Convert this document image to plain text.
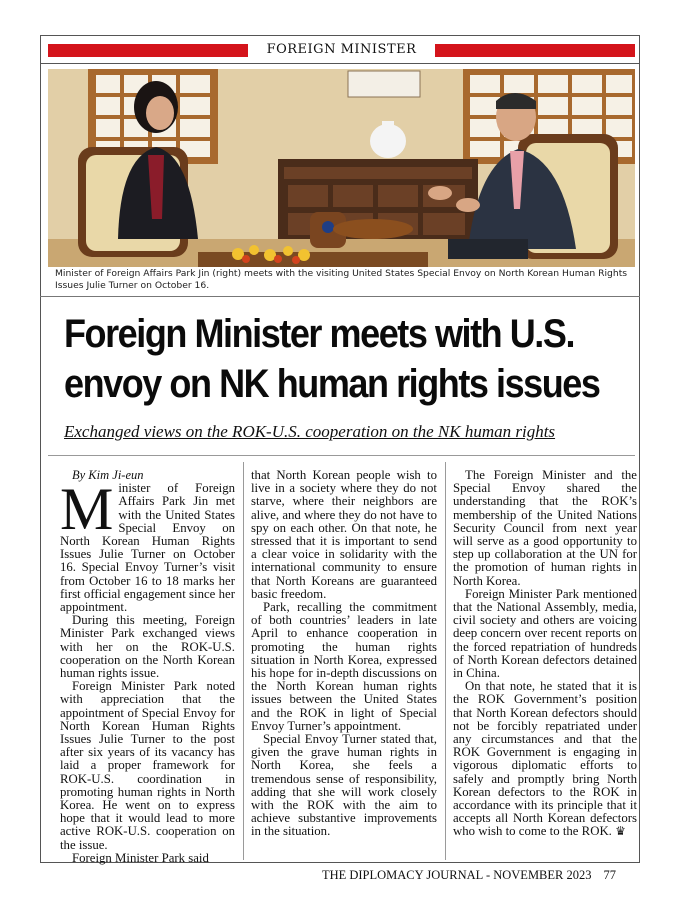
FOREIGN MINISTER
Minister of Foreign Affairs Park Jin (right) meets with the visiting United States Special Envoy on North Korean Human Rights Issues Julie Turner on October 16.
Foreign Minister meets with U.S.
envoy on NK human rights issues
Exchanged views on the ROK-U.S. cooperation on the NK human rights

By Kim Ji-eun

Minister of Foreign Affairs Park Jin met with the United States Special Envoy on North Korean Human Rights Issues Julie Turner on October 16. Special Envoy Turner’s visit from October 16 to 18 marks her first official engagement since her appointment.

During this meeting, Foreign Minister Park exchanged views with her on the ROK-U.S. cooperation on the North Korean human rights issue.

Foreign Minister Park noted with appreciation that the appointment of Special Envoy for North Korean Human Rights Issues Julie Turner to the post after six years of its vacancy has laid a proper framework for ROK-U.S. coordination in promoting human rights in North Korea. He went on to express hope that it would lead to more active ROK-U.S. cooperation on the issue.

Foreign Minister Park said

that North Korean people wish to live in a society where they do not starve, where their neighbors are alive, and where they do not have to spy on each other. On that note, he stressed that it is important to send a clear voice in solidarity with the international community to ensure that North Koreans are guaranteed basic freedom.

Park, recalling the commitment of both countries’ leaders in late April to enhance cooperation in promoting the human rights situation in North Korea, expressed his hope for in-depth discussions on the North Korean human rights issues between the United States and the ROK in light of Special Envoy Turner’s appointment.

Special Envoy Turner stated that, given the grave human rights in North Korea, she feels a tremendous sense of responsibility, adding that she will work closely with the ROK with the aim to achieve substantive improvements in the situation.

The Foreign Minister and the Special Envoy shared the understanding that the ROK’s membership of the United Nations Security Council from next year will serve as a good opportunity to step up collaboration at the UN for the promotion of human rights in North Korea.

Foreign Minister Park mentioned that the National Assembly, media, civil society and others are voicing deep concern over recent reports on the forced repatriation of hundreds of North Korean defectors detained in China.

On that note, he stated that it is the ROK Government’s position that North Korean defectors should not be forcibly repatriated under any circumstances and that the ROK Government is engaging in vigorous diplomatic efforts to safely and promptly bring North Korean defectors to the ROK in accordance with its principle that it accepts all North Korean defectors who wish to come to the ROK. ♛

THE DIPLOMACY JOURNAL - NOVEMBER 2023 77
